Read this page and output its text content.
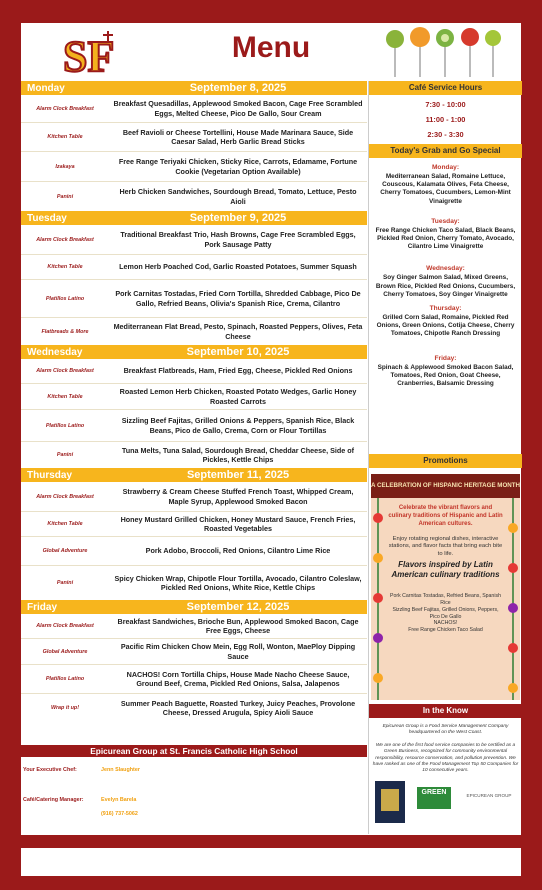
SF	Menu
Monday	September 8, 2025
Alarm Clock Breakfast
Breakfast Quesadillas, Applewood Smoked Bacon, Cage Free Scrambled Eggs, Melted Cheese, Pico De Gallo, Sour Cream
Kitchen Table
Beef Ravioli or Cheese Tortellini, House Made Marinara Sauce, Side Caesar Salad, Herb Garlic Bread Sticks
Izakaya
Free Range Teriyaki Chicken, Sticky Rice, Carrots, Edamame, Fortune Cookie (Vegetarian Option Available)
Panini
Herb Chicken Sandwiches, Sourdough Bread, Tomato, Lettuce, Pesto Aioli
Tuesday	September 9, 2025
Alarm Clock Breakfast
Traditional Breakfast Trio, Hash Browns, Cage Free Scrambled Eggs, Pork Sausage Patty
Kitchen Table	Lemon Herb Poached Cod, Garlic Roasted Potatoes, Summer Squash
Platillos Latino
Pork Carnitas Tostadas, Fried Corn Tortilla, Shredded Cabbage, Pico De Gallo, Refried Beans, Olivia's Spanish Rice, Crema, Cilantro
Flatbreads & More
Mediterranean Flat Bread, Pesto, Spinach, Roasted Peppers, Olives, Feta Cheese
Wednesday	September 10, 2025
Alarm Clock Breakfast	Breakfast Flatbreads, Ham, Fried Egg, Cheese, Pickled Red Onions
Kitchen Table
Roasted Lemon Herb Chicken, Roasted Potato Wedges, Garlic Honey Roasted Carrots
Platillos Latino
Sizzling Beef Fajitas, Grilled Onions & Peppers, Spanish Rice, Black Beans, Pico de Gallo, Crema, Corn or Flour Tortillas
Panini
Tuna Melts, Tuna Salad, Sourdough Bread, Cheddar Cheese, Side of Pickles, Kettle Chips
Thursday	September 11, 2025
Alarm Clock Breakfast
Strawberry & Cream Cheese Stuffed French Toast, Whipped Cream, Maple Syrup, Applewood Smoked Bacon
Kitchen Table
Honey Mustard Grilled Chicken, Honey Mustard Sauce, French Fries, Roasted Vegetables
Global Adventure	Pork Adobo, Broccoli, Red Onions, Cilantro Lime Rice
Panini
Spicy Chicken Wrap, Chipotle Flour Tortilla, Avocado, Cilantro Coleslaw, Pickled Red Onions, White Rice, Kettle Chips
Friday	September 12, 2025
Alarm Clock Breakfast
Breakfast Sandwiches, Brioche Bun, Applewood Smoked Bacon, Cage Free Eggs, Cheese
Global Adventure
Pacific Rim Chicken Chow Mein, Egg Roll, Wonton, MaePloy Dipping Sauce
Platillos Latino
NACHOS! Corn Tortilla Chips, House Made Nacho Cheese Sauce, Ground Beef, Crema, Pickled Red Onions, Salsa, Jalapenos
Wrap it up!
Summer Peach Baguette, Roasted Turkey, Juicy Peaches, Provolone Cheese, Dressed Arugula, Spicy Aioli Sauce
Café Service Hours
7:30 - 10:00
11:00 - 1:00
2:30 - 3:30
Today's Grab and Go Special
Monday:
Mediterranean Salad, Romaine Lettuce, Couscous, Kalamata Olives, Feta Cheese, Cherry Tomatoes, Cucumbers, Lemon-Mint Vinaigrette
Tuesday:
Free Range Chicken Taco Salad, Black Beans, Pickled Red Onion, Cherry Tomato, Avocado, Cilantro Lime Vinaigrette
Wednesday:
Soy Ginger Salmon Salad, Mixed Greens, Brown Rice, Pickled Red Onions, Cucumbers, Cherry Tomatoes, Soy Ginger Vinaigrette
Thursday:
Grilled Corn Salad, Romaine, Pickled Red Onions, Green Onions, Cotija Cheese, Cherry Tomatoes, Chipotle Ranch Dressing
Friday:
Spinach & Applewood Smoked Bacon Salad, Tomatoes, Red Onion, Goat Cheese, Cranberries, Balsamic Dressing
Promotions
A CELEBRATION OF HISPANIC HERITAGE MONTH
Celebrate the vibrant flavors and culinary traditions of Hispanic and Latin American cultures.
Enjoy rotating regional dishes, interactive stations, and flavor facts that bring each bite to life.
Flavors inspired by Latin American culinary traditions
Pork Carnitas Tostadas, Refried Beans, Spanish Rice
Sizzling Beef Fajitas, Grilled Onions, Peppers, Pico De Gallo
NACHOS!
Free Range Chicken Taco Salad
In the Know
Epicurean Group is a Food Service Management Company headquartered on the West Coast.
We are one of the first food service companies to be certified as a Green Business, recognized for community environmental responsibility, resource conservation, and pollution prevention. We have ranked as one of the Food Management Top 50 Companies for 10 consecutive years.
GREEN	EPICUREAN GROUP
Epicurean Group at St. Francis Catholic High School
Your Executive Chef:	Jenn Slaughter
Café/Catering Manager:	Evelyn Barela
(916) 737-5062
